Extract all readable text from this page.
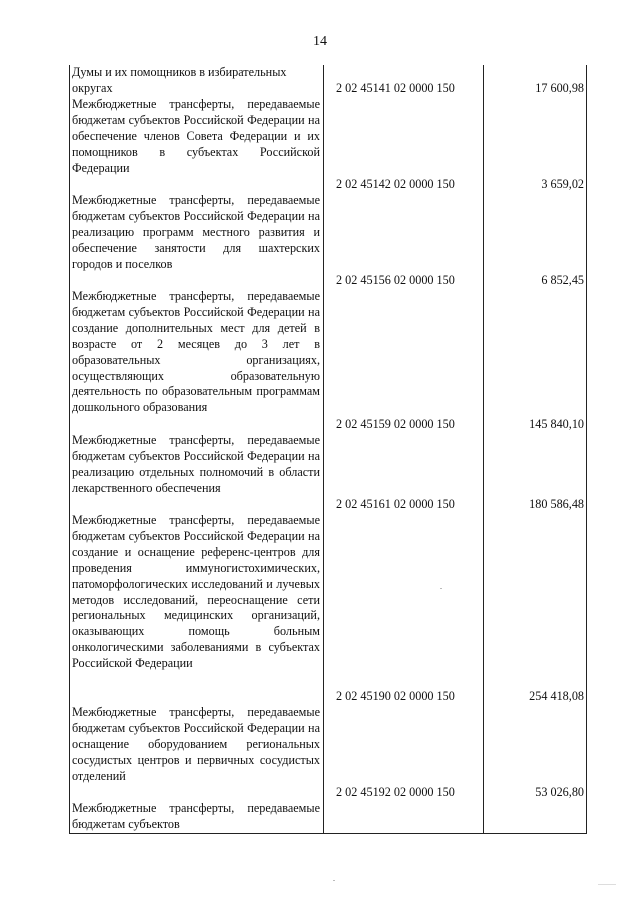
14
Думы и их помощников в избирательных
округах	2 02 45141 02 0000 150	17 600,98
Межбюджетные трансферты, передаваемые бюджетам субъектов Российской Федерации на обеспечение членов Совета Федерации и их помощников в субъектах Российской Федерации
2 02 45142 02 0000 150	3 659,02
Межбюджетные трансферты, передаваемые бюджетам субъектов Российской Федерации на реализацию программ местного развития и обеспечение занятости для шахтерских городов и поселков
2 02 45156 02 0000 150	6 852,45
Межбюджетные трансферты, передаваемые бюджетам субъектов Российской Федерации на создание дополнительных мест для детей в возрасте от 2 месяцев до 3 лет в образовательных организациях, осуществляющих образовательную деятельность по образовательным программам дошкольного образования
2 02 45159 02 0000 150	145 840,10
Межбюджетные трансферты, передаваемые бюджетам субъектов Российской Федерации на реализацию отдельных полномочий в области лекарственного обеспечения
2 02 45161 02 0000 150	180 586,48
Межбюджетные трансферты, передаваемые бюджетам субъектов Российской Федерации на создание и оснащение референс-центров для проведения иммуногистохимических, патоморфологических исследований и лучевых методов исследований, переоснащение сети региональных медицинских организаций, оказывающих помощь больным онкологическими заболеваниями в субъектах Российской Федерации
2 02 45190 02 0000 150	254 418,08
Межбюджетные трансферты, передаваемые бюджетам субъектов Российской Федерации на оснащение оборудованием региональных сосудистых центров и первичных сосудистых отделений
2 02 45192 02 0000 150	53 026,80
Межбюджетные трансферты, передаваемые бюджетам субъектов
